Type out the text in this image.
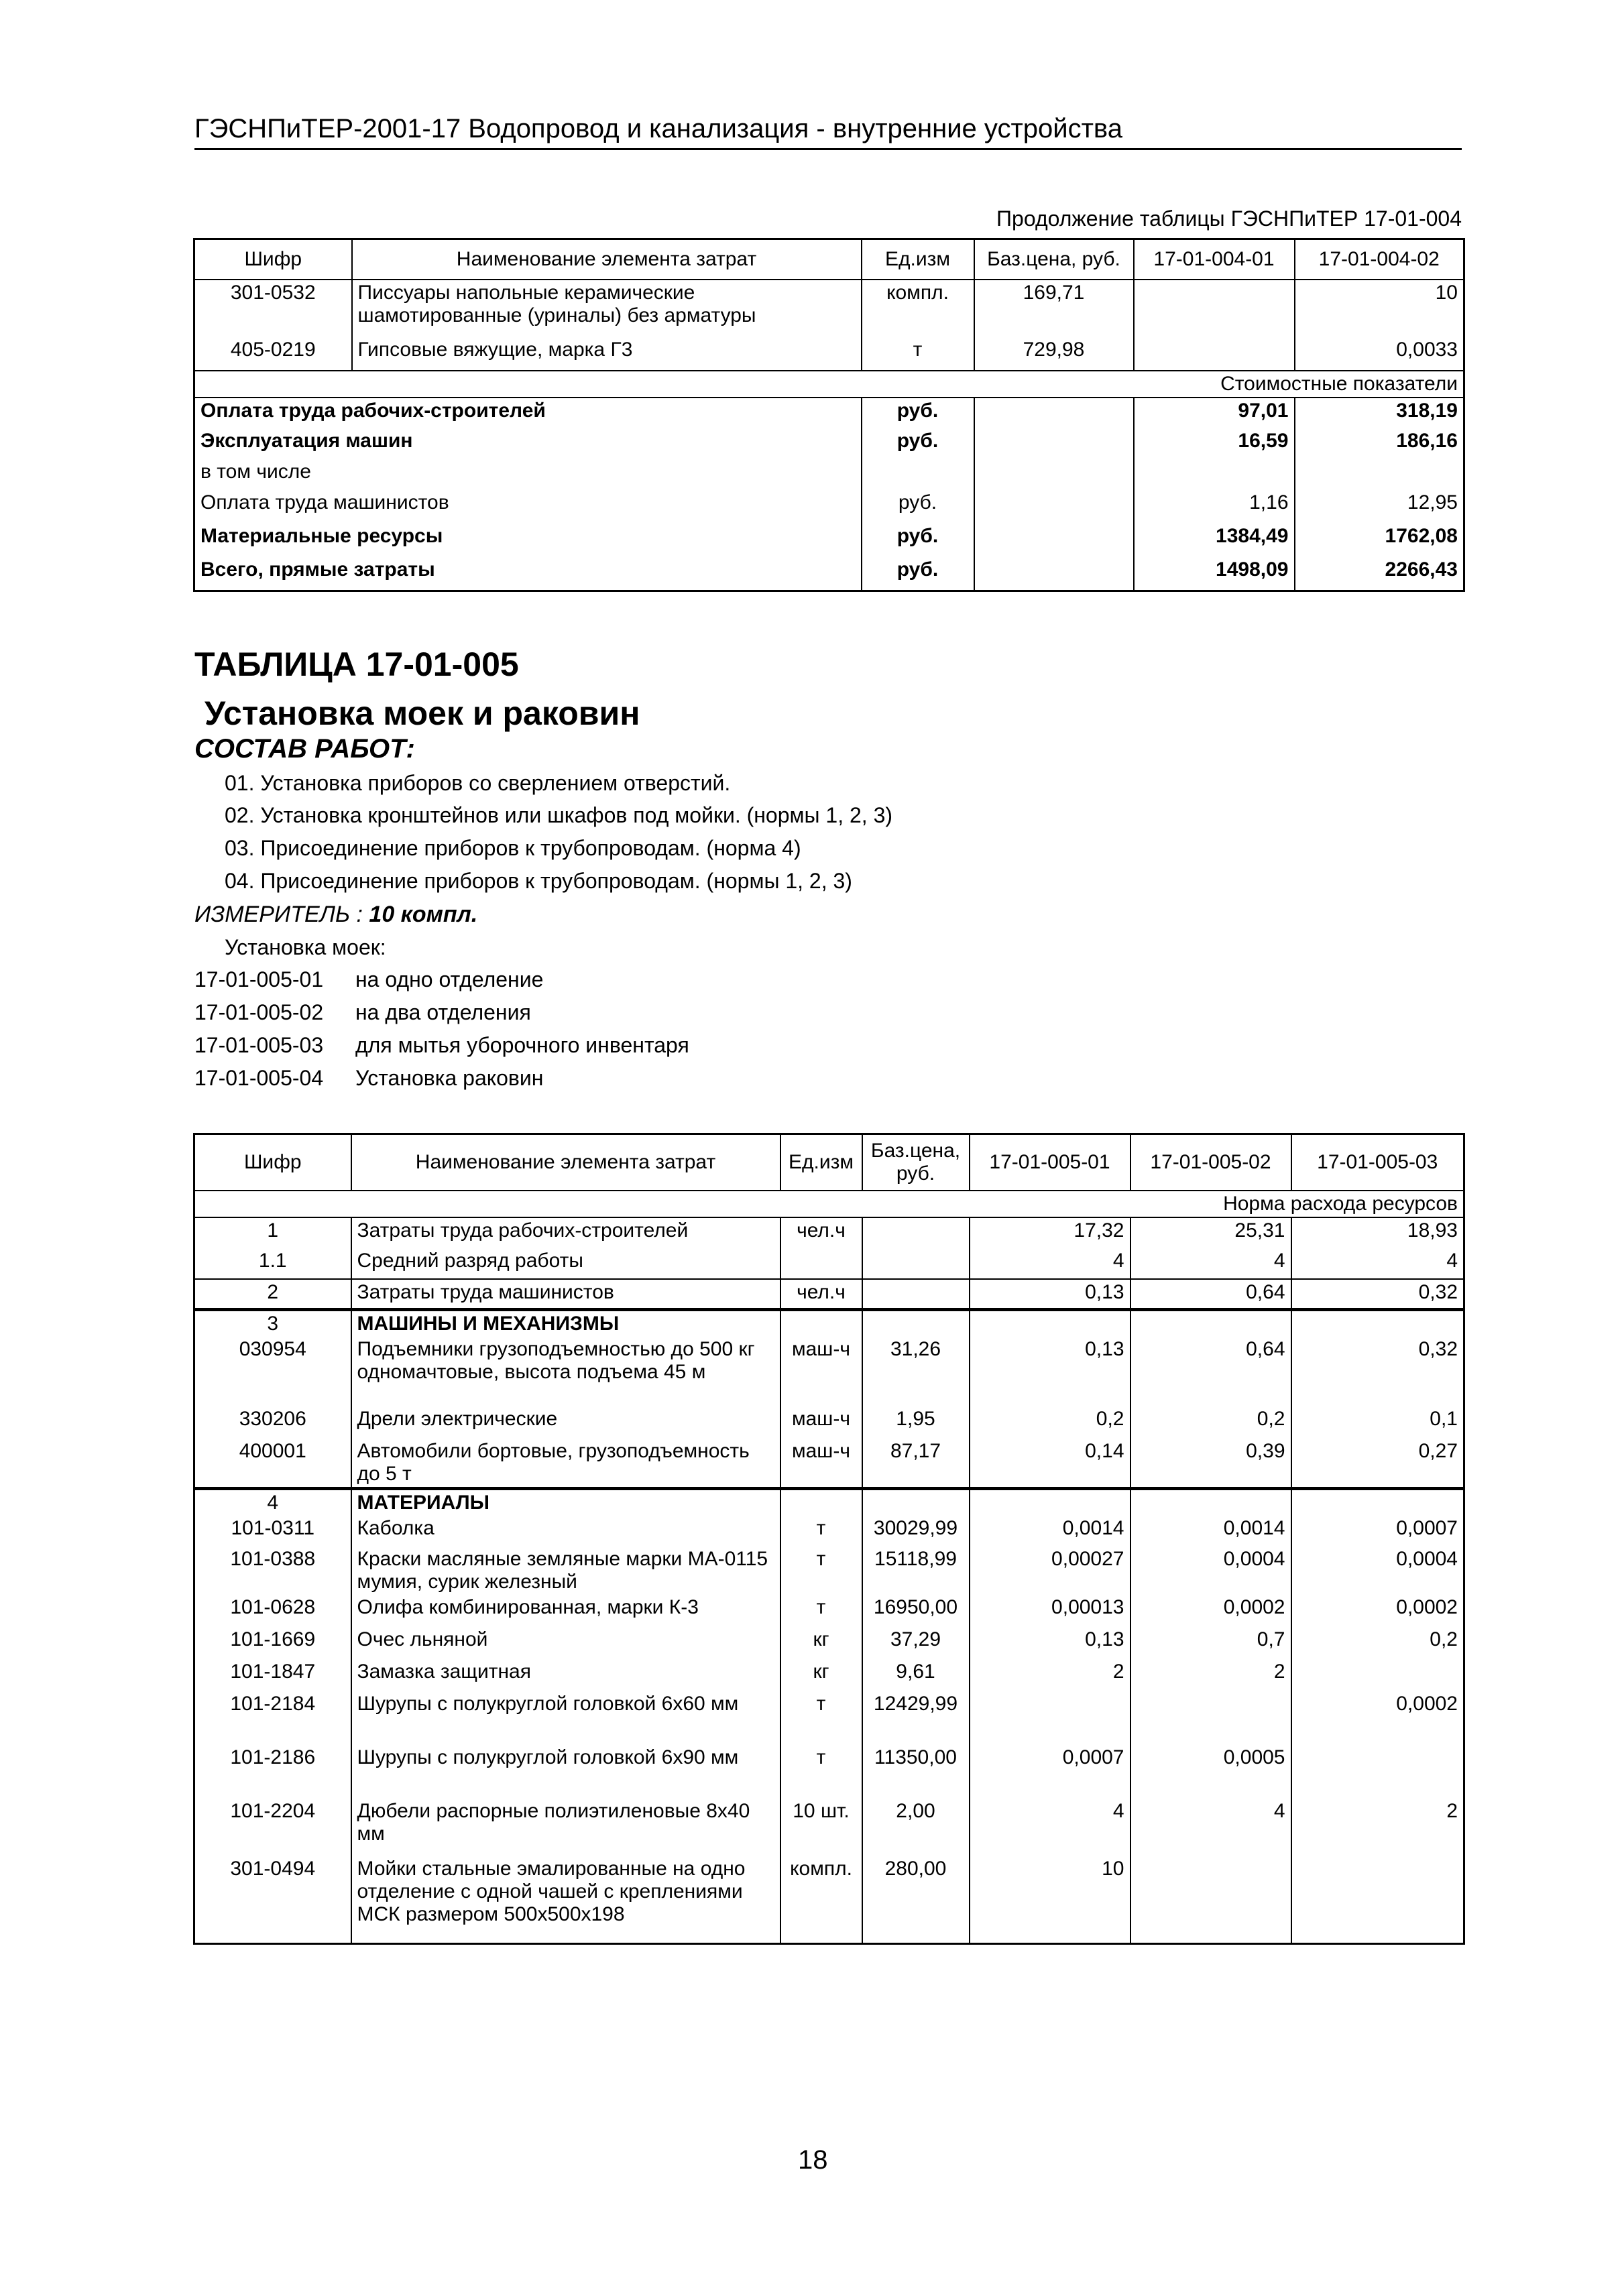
ГЭСНПиТЕР-2001-17 Водопровод и канализация - внутренние устройства
Продолжение таблицы ГЭСНПиТЕР 17-01-004
Шифр	Наименование элемента затрат	Ед.изм	Баз.цена, руб.	17-01-004-01	17-01-004-02
301-0532	Писсуары напольные керамические шамотированные (уриналы) без арматуры	компл.	169,71		10
405-0219	Гипсовые вяжущие, марка Г3	т	729,98		0,0033
Стоимостные показатели					
Оплата труда рабочих-строителей		руб.		97,01	318,19
Эксплуатация машин		руб.		16,59	186,16
в том числе					
Оплата труда машинистов		руб.		1,16	12,95
Материальные ресурсы		руб.		1384,49	1762,08
Всего, прямые затраты		руб.		1498,09	2266,43
ТАБЛИЦА 17-01-005
Установка моек и раковин
СОСТАВ РАБОТ:
01. Установка приборов со сверлением отверстий.
02. Установка кронштейнов или шкафов под мойки. (нормы 1, 2, 3)
03. Присоединение приборов к трубопроводам. (норма 4)
04. Присоединение приборов к трубопроводам. (нормы 1, 2, 3)
ИЗМЕРИТЕЛЬ : 10 компл.
Установка моек:
17-01-005-01 на одно отделение
17-01-005-02 на два отделения
17-01-005-03 для мытья уборочного инвентаря
17-01-005-04 Установка раковин
Шифр	Наименование элемента затрат	Ед.изм	Баз.цена, руб.	17-01-005-01	17-01-005-02	17-01-005-03
Норма расхода ресурсов						
1	Затраты труда рабочих-строителей	чел.ч		17,32	25,31	18,93
1.1	Средний разряд работы			4	4	4
2	Затраты труда машинистов	чел.ч		0,13	0,64	0,32
3	МАШИНЫ И МЕХАНИЗМЫ					
030954	Подъемники грузоподъемностью до 500 кг одномачтовые, высота подъема 45 м	маш-ч	31,26	0,13	0,64	0,32
330206	Дрели электрические	маш-ч	1,95	0,2	0,2	0,1
400001	Автомобили бортовые, грузоподъемность до 5 т	маш-ч	87,17	0,14	0,39	0,27
4	МАТЕРИАЛЫ					
101-0311	Каболка	т	30029,99	0,0014	0,0014	0,0007
101-0388	Краски масляные земляные марки МА-0115 мумия, сурик железный	т	15118,99	0,00027	0,0004	0,0004
101-0628	Олифа комбинированная, марки К-3	т	16950,00	0,00013	0,0002	0,0002
101-1669	Очес льняной	кг	37,29	0,13	0,7	0,2
101-1847	Замазка защитная	кг	9,61	2	2	
101-2184	Шурупы с полукруглой головкой 6х60 мм	т	12429,99			0,0002
101-2186	Шурупы с полукруглой головкой 6х90 мм	т	11350,00	0,0007	0,0005	
101-2204	Дюбели распорные полиэтиленовые 8х40 мм	10 шт.	2,00	4	4	2
301-0494	Мойки стальные эмалированные на одно отделение с одной чашей с креплениями МСК размером 500х500х198	компл.	280,00	10		
18
